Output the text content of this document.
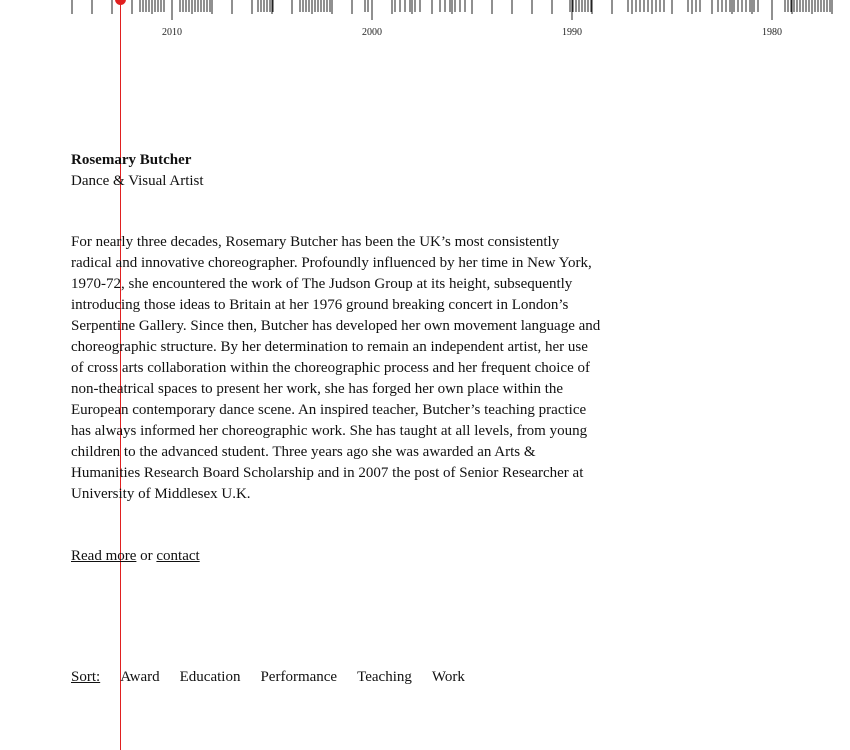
2010	2000	1990	1980

Rosemary Butcher

Dance & Visual Artist

For nearly three decades, Rosemary Butcher has been the UK’s most consistently radical and innovative choreographer. Profoundly influenced by her time in New York, 1970-72, she encountered the work of The Judson Group at its height, subsequently introducing those ideas to Britain at her 1976 ground breaking concert in London’s Serpentine Gallery. Since then, Butcher has developed her own movement language and choreographic structure. By her determination to remain an independent artist, her use of cross arts collaboration within the choreographic process and her frequent choice of non-theatrical spaces to present her work, she has forged her own place within the European contemporary dance scene. An inspired teacher, Butcher’s teaching practice has always informed her choreographic work. She has taught at all levels, from young children to the advanced student. Three years ago she was awarded an Arts & Humanities Research Board Scholarship and in 2007 the post of Senior Researcher at University of Middlesex U.K.

Read more or contact
Sort: Award Education Performance Teaching Work
